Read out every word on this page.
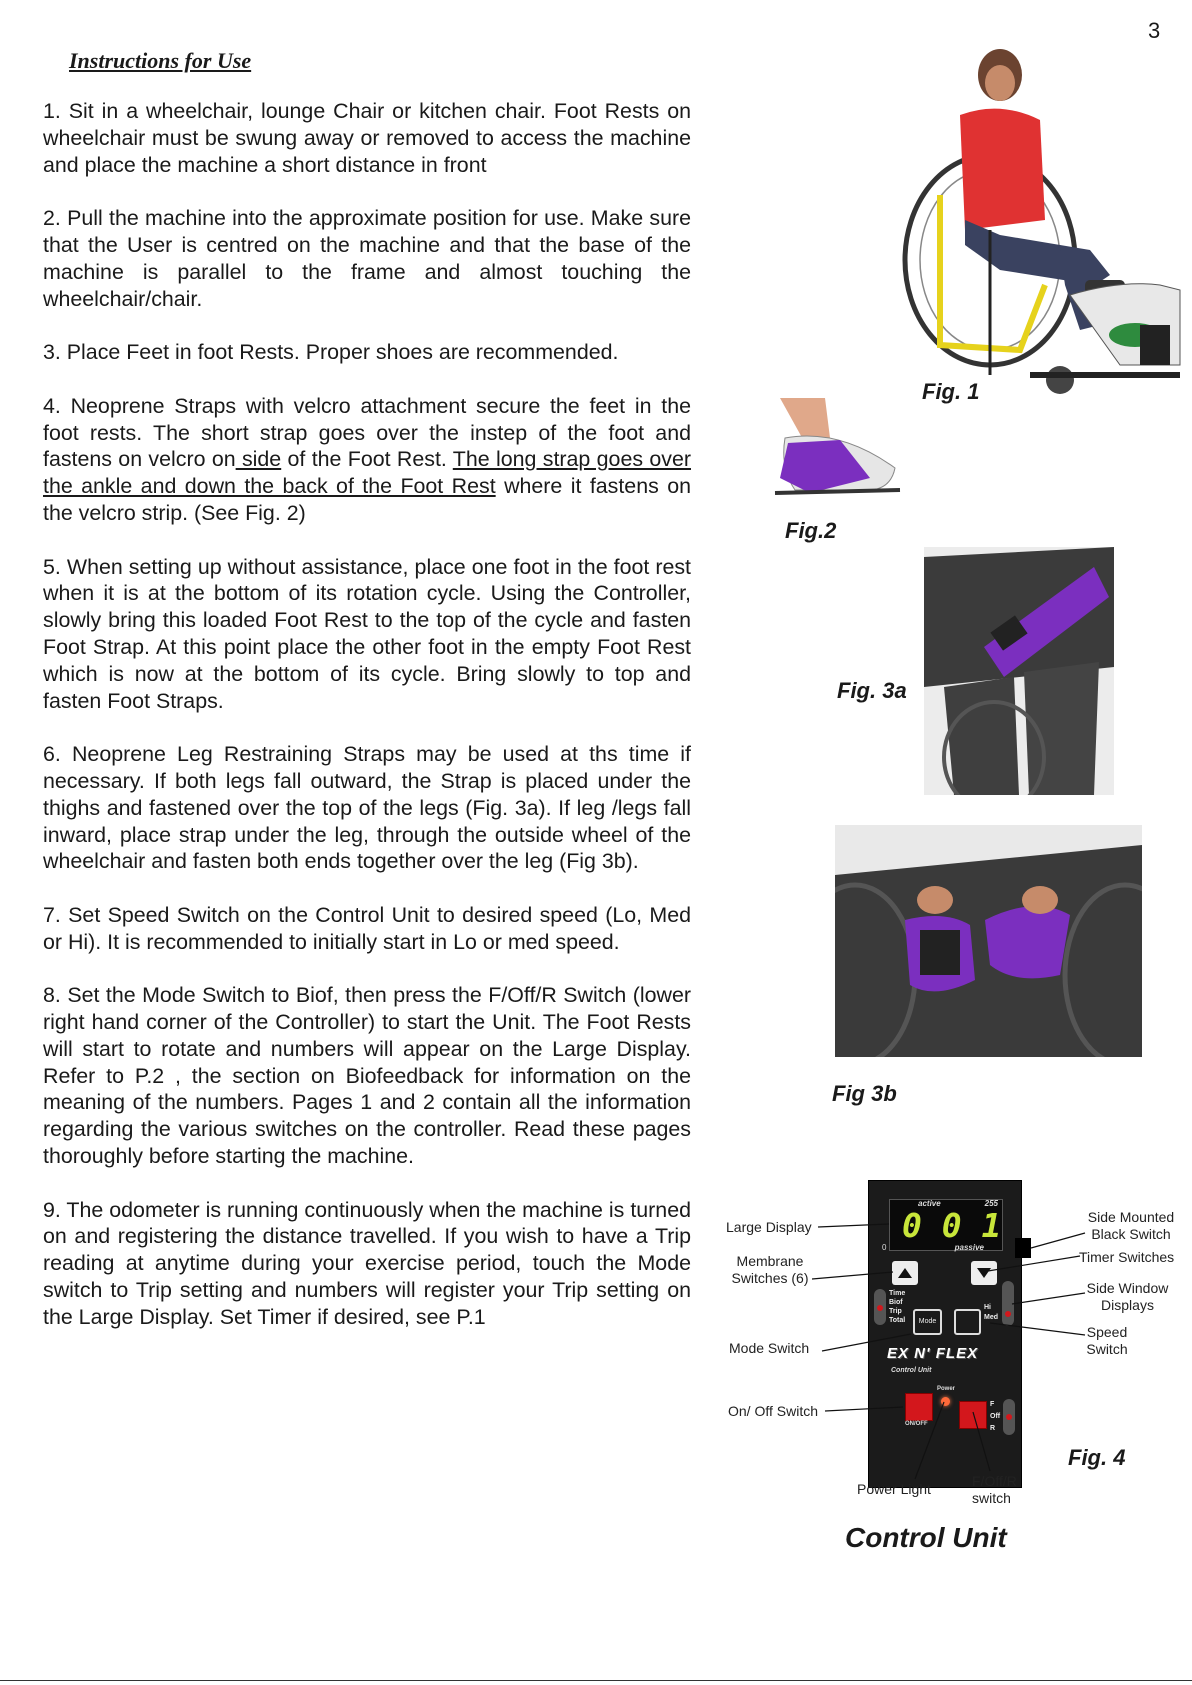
3
Instructions for Use

1. Sit in a wheelchair, lounge Chair or kitchen chair. Foot Rests on wheelchair must be swung away or removed to access the machine and place the machine a short distance in front

2. Pull the machine into the approximate position for use. Make sure that the User is centred on the machine and that the base of the machine is parallel to the frame and almost touching the wheelchair/chair.

3. Place Feet in foot Rests. Proper shoes are recommended.

4. Neoprene Straps with velcro attachment secure the feet in the foot rests. The short strap goes over the instep of the foot and fastens on velcro on side of the Foot Rest. The long strap goes over the ankle and down the back of the Foot Rest where it fastens on the velcro strip. (See Fig. 2)

5. When setting up without assistance, place one foot in the foot rest when it is at the bottom of its rotation cycle. Using the Controller, slowly bring this loaded Foot Rest to the top of the cycle and fasten Foot Strap. At this point place the other foot in the empty Foot Rest which is now at the bottom of its cycle. Bring slowly to top and fasten Foot Straps.

6. Neoprene Leg Restraining Straps may be used at ths time if necessary. If both legs fall outward, the Strap is placed under the thighs and fastened over the top of the legs (Fig. 3a). If leg /legs fall inward, place strap under the leg, through the outside wheel of the wheelchair and fasten both ends together over the leg (Fig 3b).

7. Set Speed Switch on the Control Unit to desired speed (Lo, Med or Hi). It is recommended to initially start in Lo or med speed.

8. Set the Mode Switch to Biof, then press the F/Off/R Switch (lower right hand corner of the Controller) to start the Unit. The Foot Rests will start to rotate and numbers will appear on the Large Display. Refer to P.2 , the section on Biofeedback for information on the meaning of the numbers. Pages 1 and 2 contain all the information regarding the various switches on the controller. Read these pages thoroughly before starting the machine.

9. The odometer is running continuously when the machine is turned on and registering the distance travelled. If you wish to have a Trip reading at anytime during your exercise period, touch the Mode switch to Trip setting and numbers will register your Trip setting on the Large Display. Set Timer if desired, see P.1

Fig. 1
Fig.2
Fig. 3a
Fig 3b
active	255
0 0 1
passive
0
Time Biof Trip Total	Mode
Hi Med
EX N' FLEX
Control Unit
Power
ON/OFF
F Off R
Large Display
Membrane Switches (6)
Mode Switch
On/ Off Switch
Power Light	F/Off/R switch
Side Mounted Black Switch
Timer Switches
Side Window Displays
Speed Switch
Fig. 4
Control Unit
